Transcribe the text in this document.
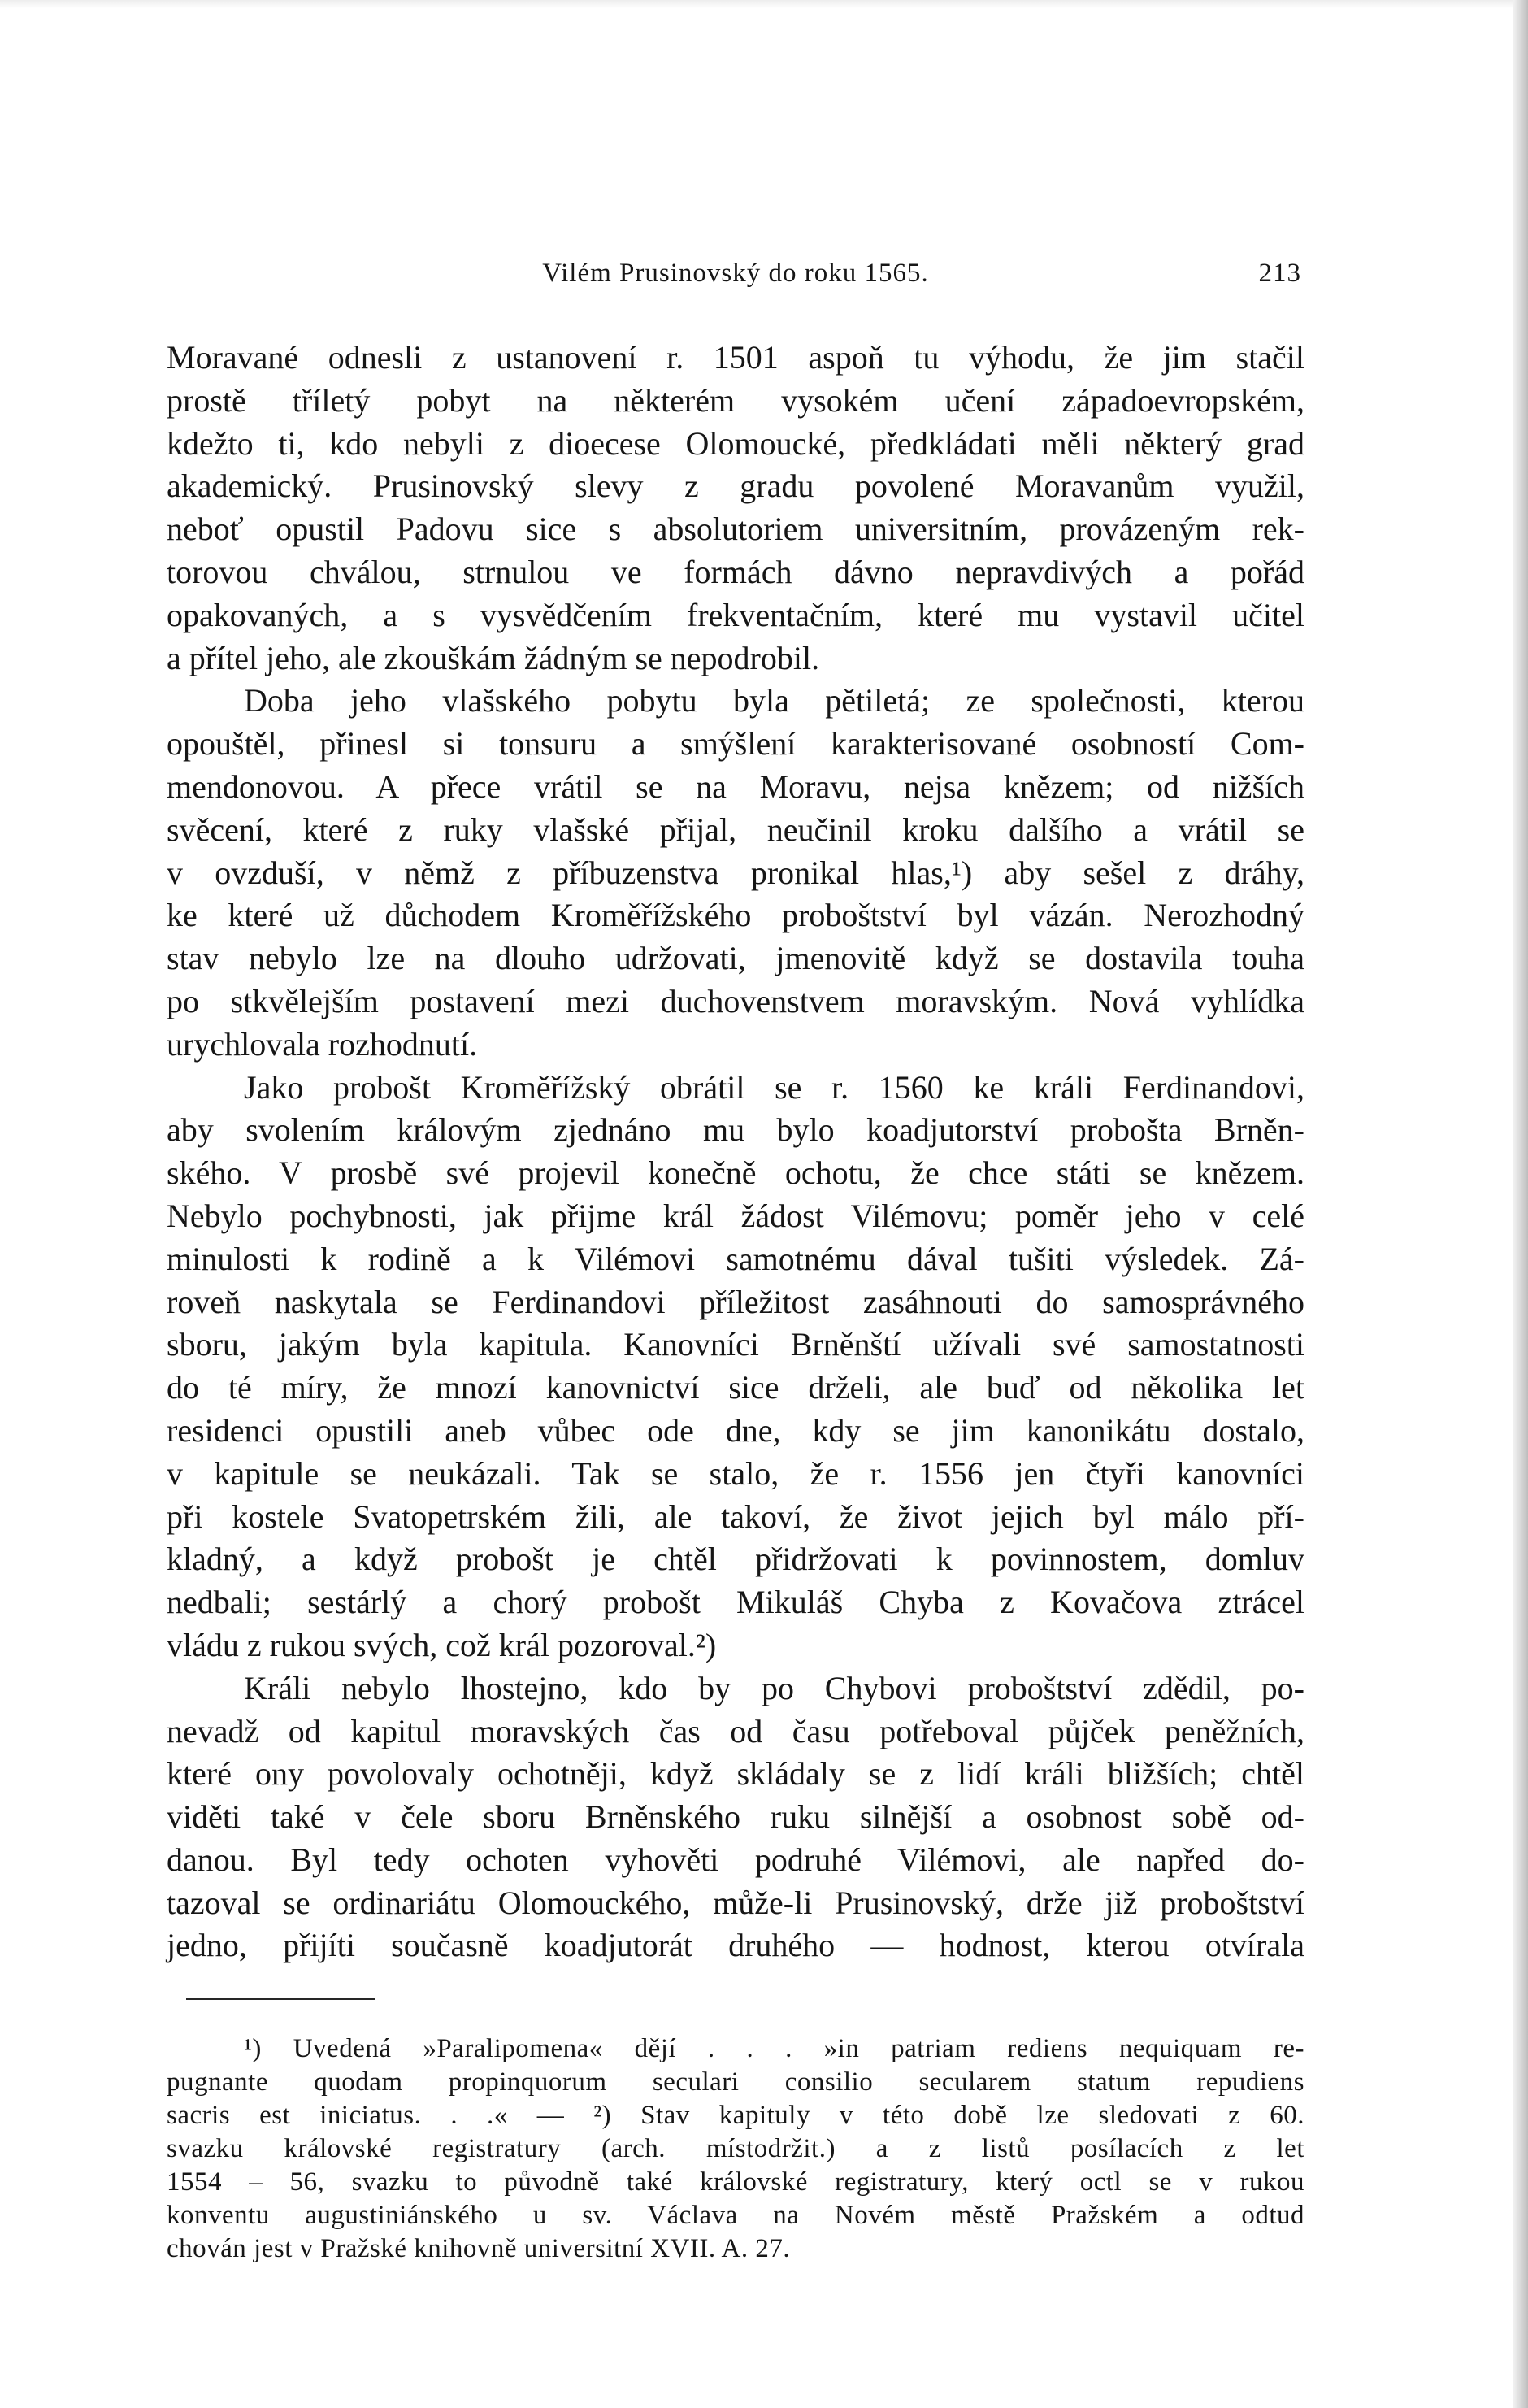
Vilém Prusinovský do roku 1565.	213
Moravané odnesli z ustanovení r. 1501 aspoň tu výhodu, že jim stačil
prostě tříletý pobyt na některém vysokém učení západoevropském,
kdežto ti, kdo nebyli z dioecese Olomoucké, předkládati měli některý grad
akademický. Prusinovský slevy z gradu povolené Moravanům využil,
neboť opustil Padovu sice s absolutoriem universitním, provázeným rek-
torovou chválou, strnulou ve formách dávno nepravdivých a pořád
opakovaných, a s vysvědčením frekventačním, které mu vystavil učitel
a přítel jeho, ale zkouškám žádným se nepodrobil.
Doba jeho vlašského pobytu byla pětiletá; ze společnosti, kterou
opouštěl, přinesl si tonsuru a smýšlení karakterisované osobností Com-
mendonovou. A přece vrátil se na Moravu, nejsa knězem; od nižších
svěcení, které z ruky vlašské přijal, neučinil kroku dalšího a vrátil se
v ovzduší, v němž z příbuzenstva pronikal hlas,¹) aby sešel z dráhy,
ke které už důchodem Kroměřížského proboštství byl vázán. Nerozhodný
stav nebylo lze na dlouho udržovati, jmenovitě když se dostavila touha
po stkvělejším postavení mezi duchovenstvem moravským. Nová vyhlídka
urychlovala rozhodnutí.
Jako probošt Kroměřížský obrátil se r. 1560 ke králi Ferdinandovi,
aby svolením královým zjednáno mu bylo koadjutorství probošta Brněn-
ského. V prosbě své projevil konečně ochotu, že chce státi se knězem.
Nebylo pochybnosti, jak přijme král žádost Vilémovu; poměr jeho v celé
minulosti k rodině a k Vilémovi samotnému dával tušiti výsledek. Zá-
roveň naskytala se Ferdinandovi příležitost zasáhnouti do samosprávného
sboru, jakým byla kapitula. Kanovníci Brněnští užívali své samostatnosti
do té míry, že mnozí kanovnictví sice drželi, ale buď od několika let
residenci opustili aneb vůbec ode dne, kdy se jim kanonikátu dostalo,
v kapitule se neukázali. Tak se stalo, že r. 1556 jen čtyři kanovníci
při kostele Svatopetrském žili, ale takoví, že život jejich byl málo pří-
kladný, a když probošt je chtěl přidržovati k povinnostem, domluv
nedbali; sestárlý a chorý probošt Mikuláš Chyba z Kovačova ztrácel
vládu z rukou svých, což král pozoroval.²)
Králi nebylo lhostejno, kdo by po Chybovi proboštství zdědil, po-
nevadž od kapitul moravských čas od času potřeboval půjček peněžních,
které ony povolovaly ochotněji, když skládaly se z lidí králi bližších; chtěl
viděti také v čele sboru Brněnského ruku silnější a osobnost sobě od-
danou. Byl tedy ochoten vyhověti podruhé Vilémovi, ale napřed do-
tazoval se ordinariátu Olomouckého, může-li Prusinovský, drže již proboštství
jedno, přijíti současně koadjutorát druhého — hodnost, kterou otvírala
¹) Uvedená »Paralipomena« dějí . . . »in patriam rediens nequiquam re-
pugnante quodam propinquorum seculari consilio secularem statum repudiens
sacris est iniciatus. . .« — ²) Stav kapituly v této době lze sledovati z 60.
svazku královské registratury (arch. místodržit.) a z listů posílacích z let
1554 – 56, svazku to původně také královské registratury, který octl se v rukou
konventu augustiniánského u sv. Václava na Novém městě Pražském a odtud
chován jest v Pražské knihovně universitní XVII. A. 27.
